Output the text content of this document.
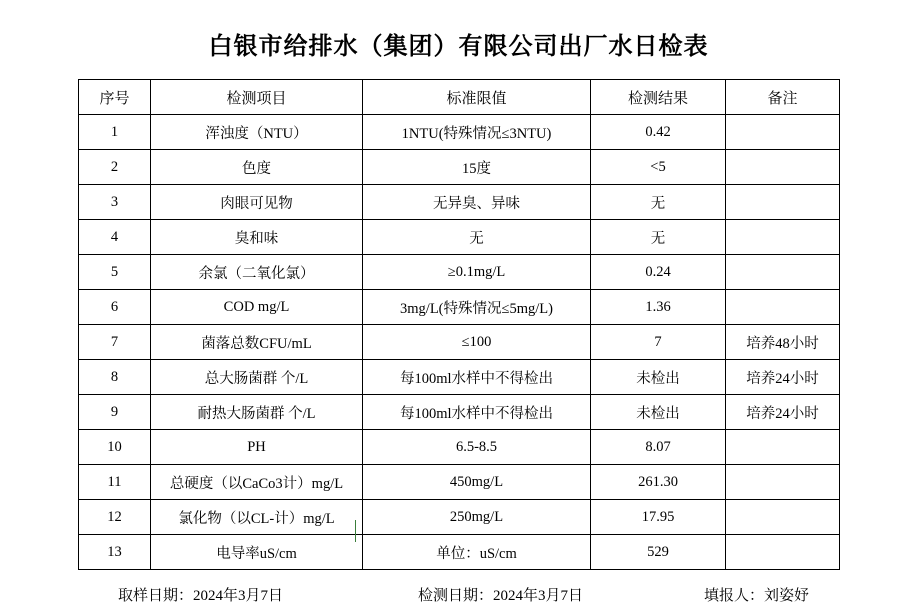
白银市给排水（集团）有限公司出厂水日检表
序号	检测项目	标准限值	检测结果	备注
1	浑浊度（NTU）	1NTU(特殊情况≤3NTU)	0.42	
2	色度	15度	<5	
3	肉眼可见物	无异臭、异味	无	
4	臭和味	无	无	
5	余氯（二氧化氯）	≥0.1mg/L	0.24	
6	COD mg/L	3mg/L(特殊情况≤5mg/L)	1.36	
7	菌落总数CFU/mL	≤100	7	培养48小时
8	总大肠菌群 个/L	每100ml水样中不得检出	未检出	培养24小时
9	耐热大肠菌群 个/L	每100ml水样中不得检出	未检出	培养24小时
10	PH	6.5-8.5	8.07	
11	总硬度（以CaCo3计）mg/L	450mg/L	261.30	
12	氯化物（以CL-计）mg/L	250mg/L	17.95	
13	电导率uS/cm	单位：uS/cm	529	
取样日期：2024年3月7日	检测日期：2024年3月7日	填报人：刘姿妤
